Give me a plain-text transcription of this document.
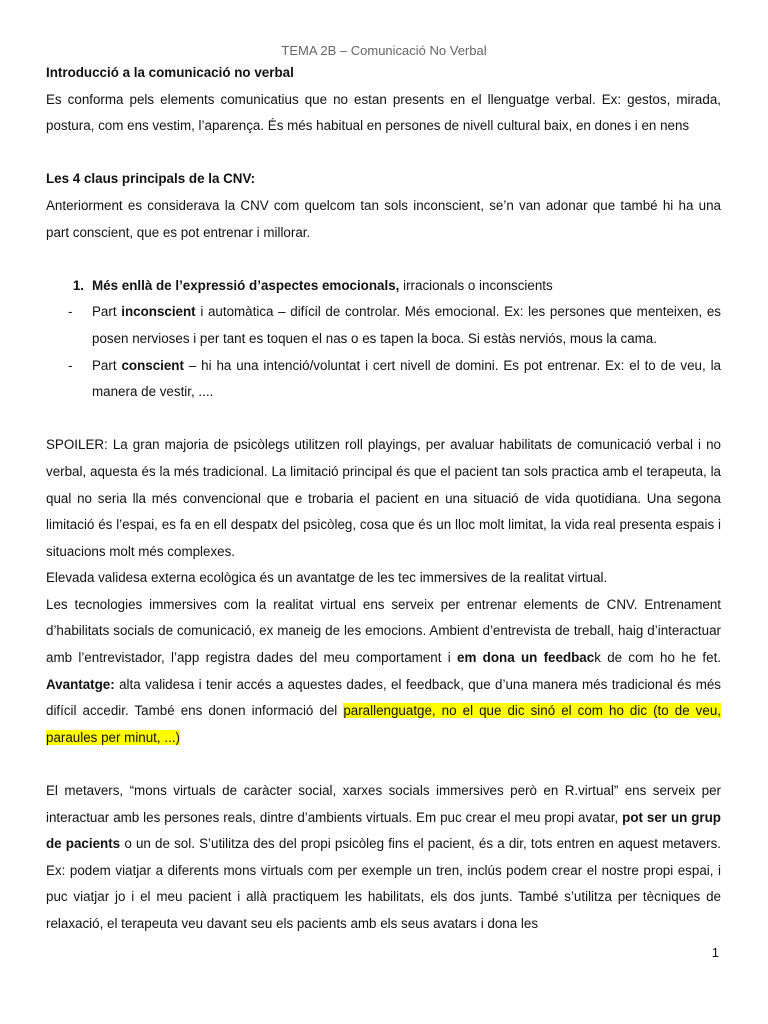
TEMA 2B – Comunicació No Verbal

Introducció a la comunicació no verbal

Es conforma pels elements comunicatius que no estan presents en el llenguatge verbal. Ex: gestos, mirada, postura, com ens vestim, l’aparença. És més habitual en persones de nivell cultural baix, en dones i en nens

Les 4 claus principals de la CNV:

Anteriorment es considerava la CNV com quelcom tan sols inconscient, se’n van adonar que també hi ha una part conscient, que es pot entrenar i millorar.

1. Més enllà de l’expressió d’aspectes emocionals, irracionals o inconscients
-	Part inconscient i automàtica – difícil de controlar. Més emocional. Ex: les persones que menteixen, es posen nervioses i per tant es toquen el nas o es tapen la boca. Si estàs nerviós, mous la cama.
-	Part conscient – hi ha una intenció/voluntat i cert nivell de domini. Es pot entrenar. Ex: el to de veu, la manera de vestir, ....

SPOILER: La gran majoria de psicòlegs utilitzen roll playings, per avaluar habilitats de comunicació verbal i no verbal, aquesta és la més tradicional. La limitació principal és que el pacient tan sols practica amb el terapeuta, la qual no seria lla més convencional que e trobaria el pacient en una situació de vida quotidiana. Una segona limitació és l’espai, es fa en ell despatx del psicòleg, cosa que és un lloc molt limitat, la vida real presenta espais i situacions molt més complexes.

Elevada validesa externa ecològica és un avantatge de les tec immersives de la realitat virtual.

Les tecnologies immersives com la realitat virtual ens serveix per entrenar elements de CNV. Entrenament d’habilitats socials de comunicació, ex maneig de les emocions. Ambient d’entrevista de treball, haig d’interactuar amb l’entrevistador, l’app registra dades del meu comportament i em dona un feedback de com ho he fet. Avantatge: alta validesa i tenir accés a aquestes dades, el feedback, que d’una manera més tradicional és més difícil accedir. També ens donen informació del parallenguatge, no el que dic sinó el com ho dic (to de veu, paraules per minut, ...)

El metavers, “mons virtuals de caràcter social, xarxes socials immersives però en R.virtual” ens serveix per interactuar amb les persones reals, dintre d’ambients virtuals. Em puc crear el meu propi avatar, pot ser un grup de pacients o un de sol. S’utilitza des del propi psicòleg fins el pacient, és a dir, tots entren en aquest metavers. Ex: podem viatjar a diferents mons virtuals com per exemple un tren, inclús podem crear el nostre propi espai, i puc viatjar jo i el meu pacient i allà practiquem les habilitats, els dos junts. També s’utilitza per tècniques de relaxació, el terapeuta veu davant seu els pacients amb els seus avatars i dona les

1
